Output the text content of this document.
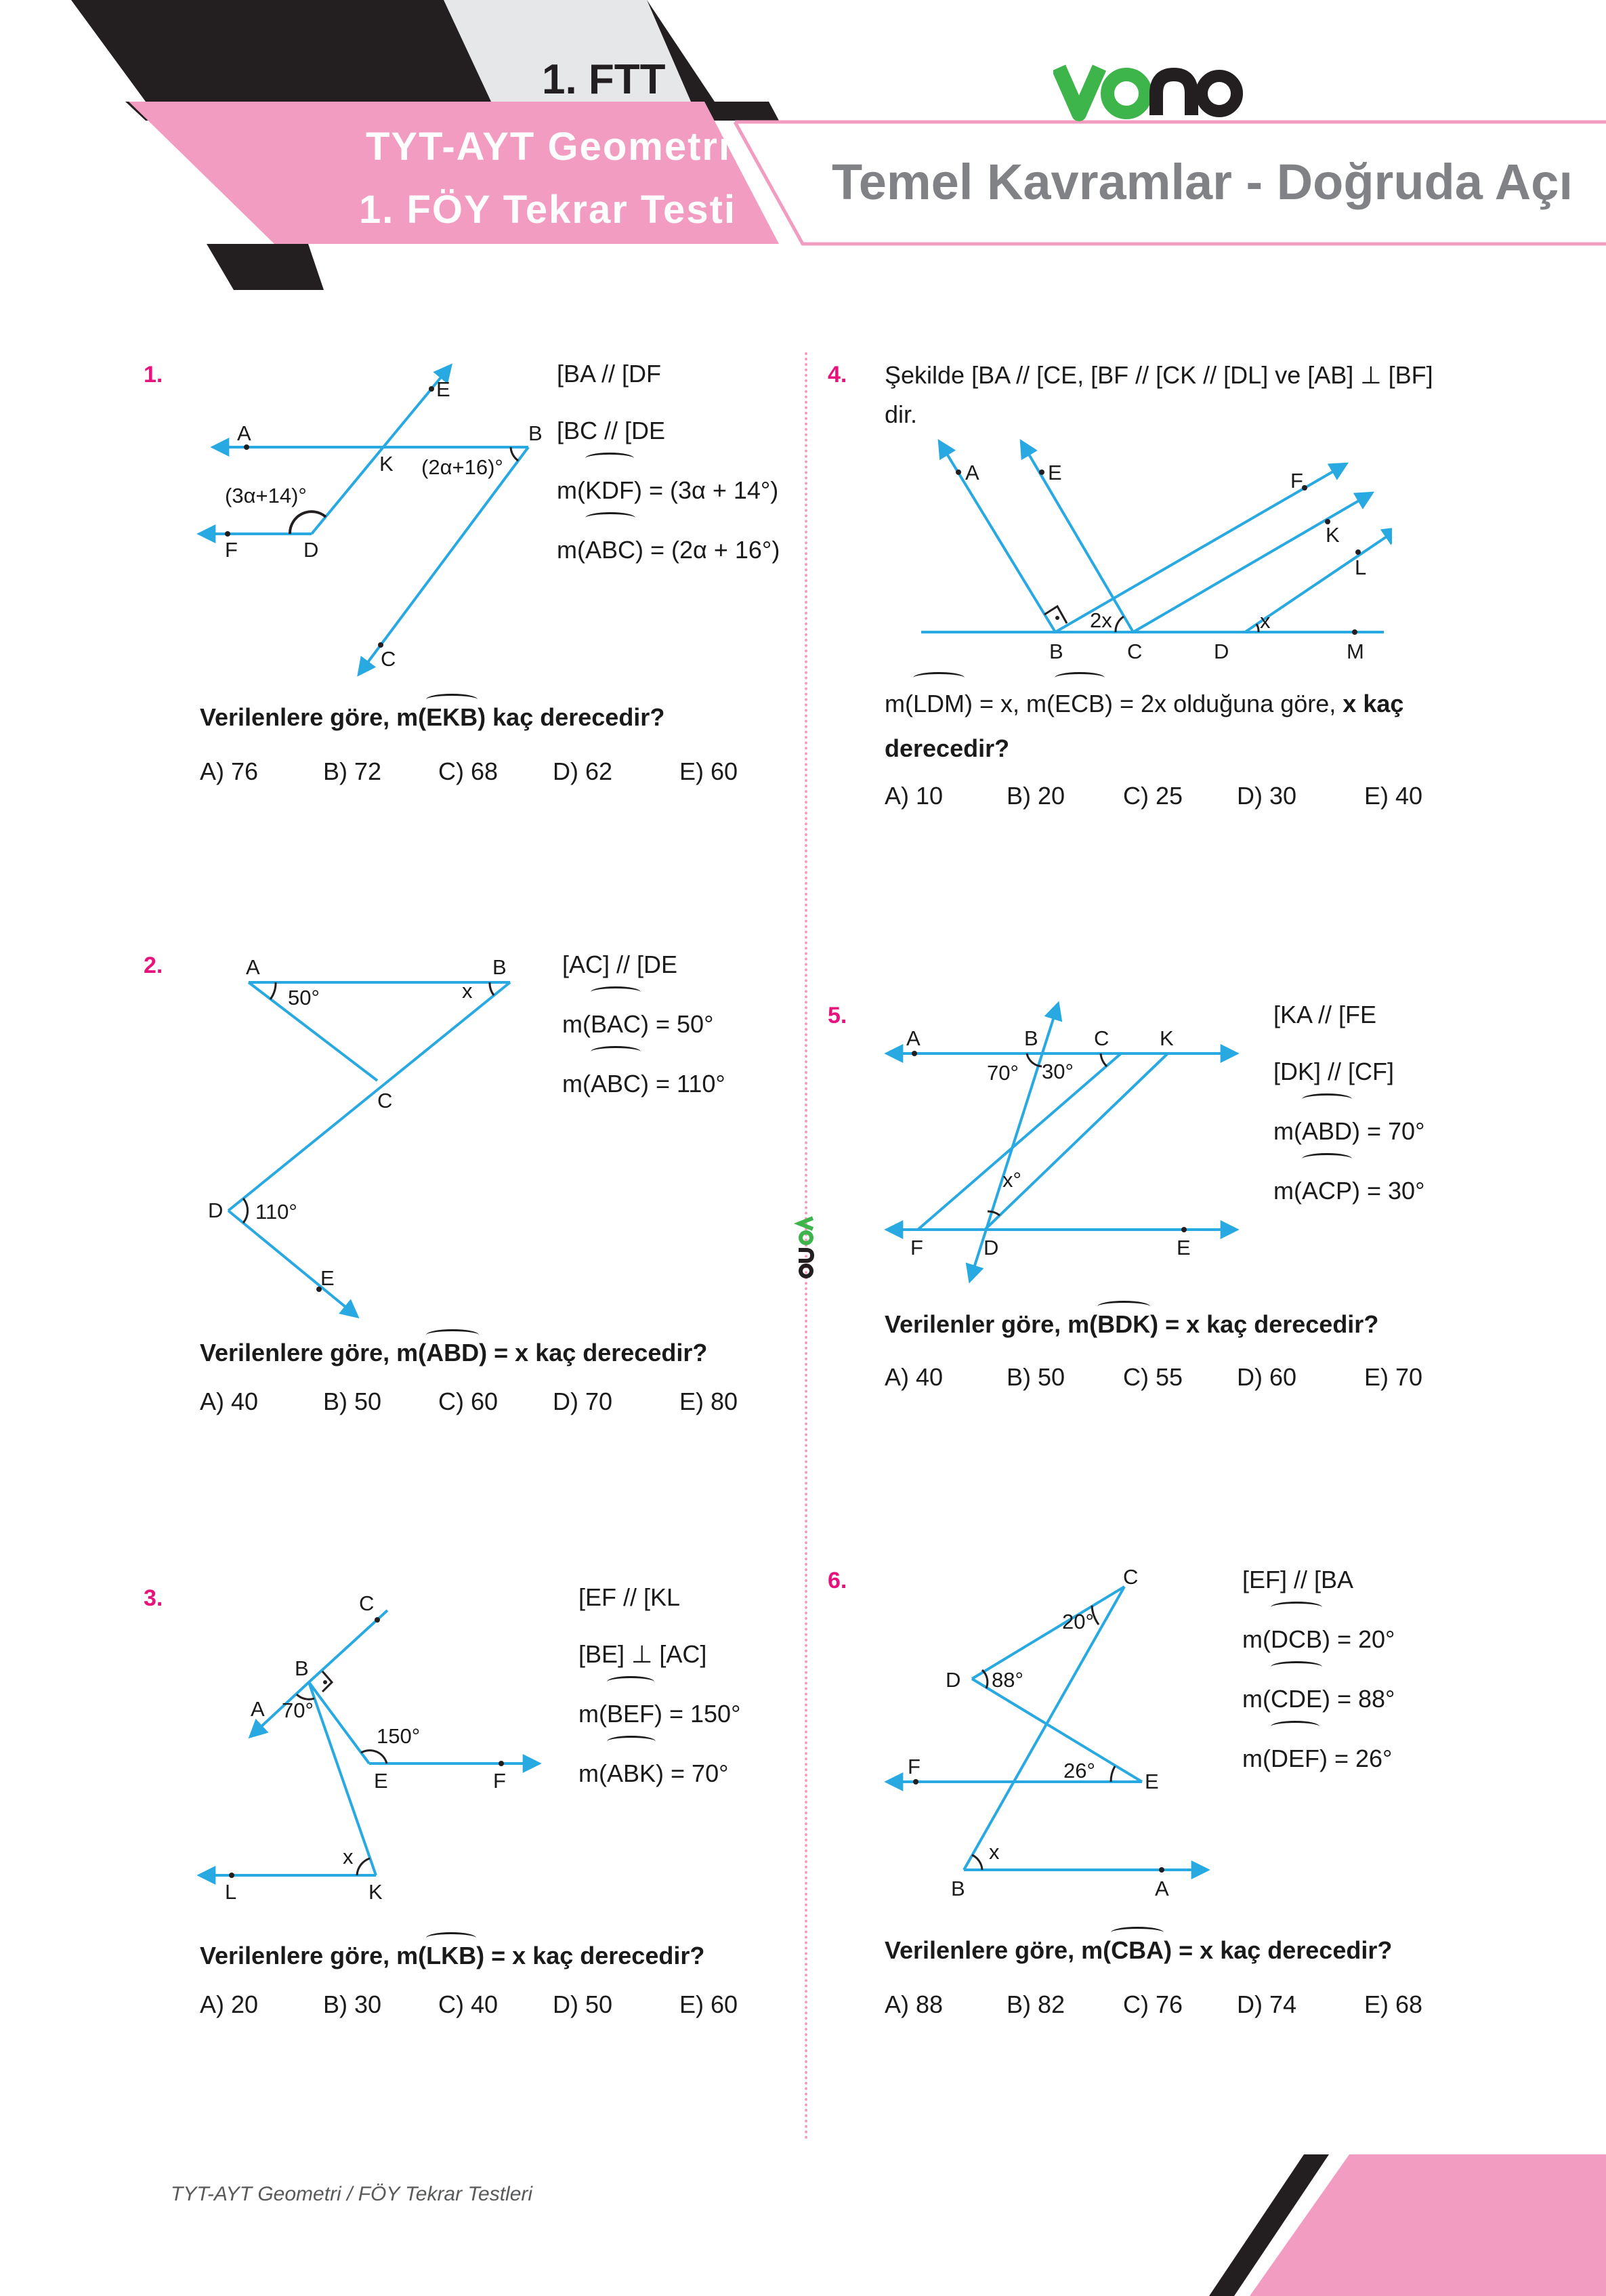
1. FTT
TYT-AYT Geometri
1. FÖY Tekrar Testi Temel Kavramlar - Doğruda Açı
1.
E
A	B
K
F	D
C
(3α+14)°
(2α+16)°
[BA // [DF
[BC // [DE
m(KDF) = (3α + 14°)
m(ABC) = (2α + 16°)
Verilenlere göre, m(EKB) kaç derecedir?
A) 76	B) 72 C) 68 D) 62	E) 60
2.	A	B
C
D
E
x
50°
110°
[AC] // [DE
m(BAC) = 50°
m(ABC) = 110°
Verilenlere göre, m(ABD) = x kaç derecedir?
A) 40	B) 50 C) 60 D) 70	E) 80
3.	C
B
A 70°
150°
E	F
x
L	K
[EF // [KL
[BE] ⊥ [AC]
m(BEF) = 150°
m(ABK) = 70°
Verilenlere göre, m(LKB) = x kaç derecedir?
A) 20	B) 30 C) 40 D) 50	E) 60
4. Şekilde [BA // [CE, [BF // [CK // [DL] ve [AB] ⊥ [BF]
dir.
A	E	F
K
L
B	C	D	M
2x	x
m(LDM) = x, m(ECB) = 2x olduğuna göre, x kaç
derecedir?
A) 10	B) 20 C) 25 D) 30	E) 40
5.
A	B	C K
70° 30°
x°
F	D	E
[KA // [FE
[DK] // [CF]
m(ABD) = 70°
m(ACP) = 30°
Verilenler göre, m(BDK) = x kaç derecedir?
A) 40	B) 50 C) 55 D) 60	E) 70
6.	C
20°
D 88°
F	26° E
x
B	A
[EF] // [BA
m(DCB) = 20°
m(CDE) = 88°
m(DEF) = 26°
Verilenlere göre, m(CBA) = x kaç derecedir?
A) 88	B) 82 C) 76 D) 74	E) 68
TYT-AYT Geometri / FÖY Tekrar Testleri
